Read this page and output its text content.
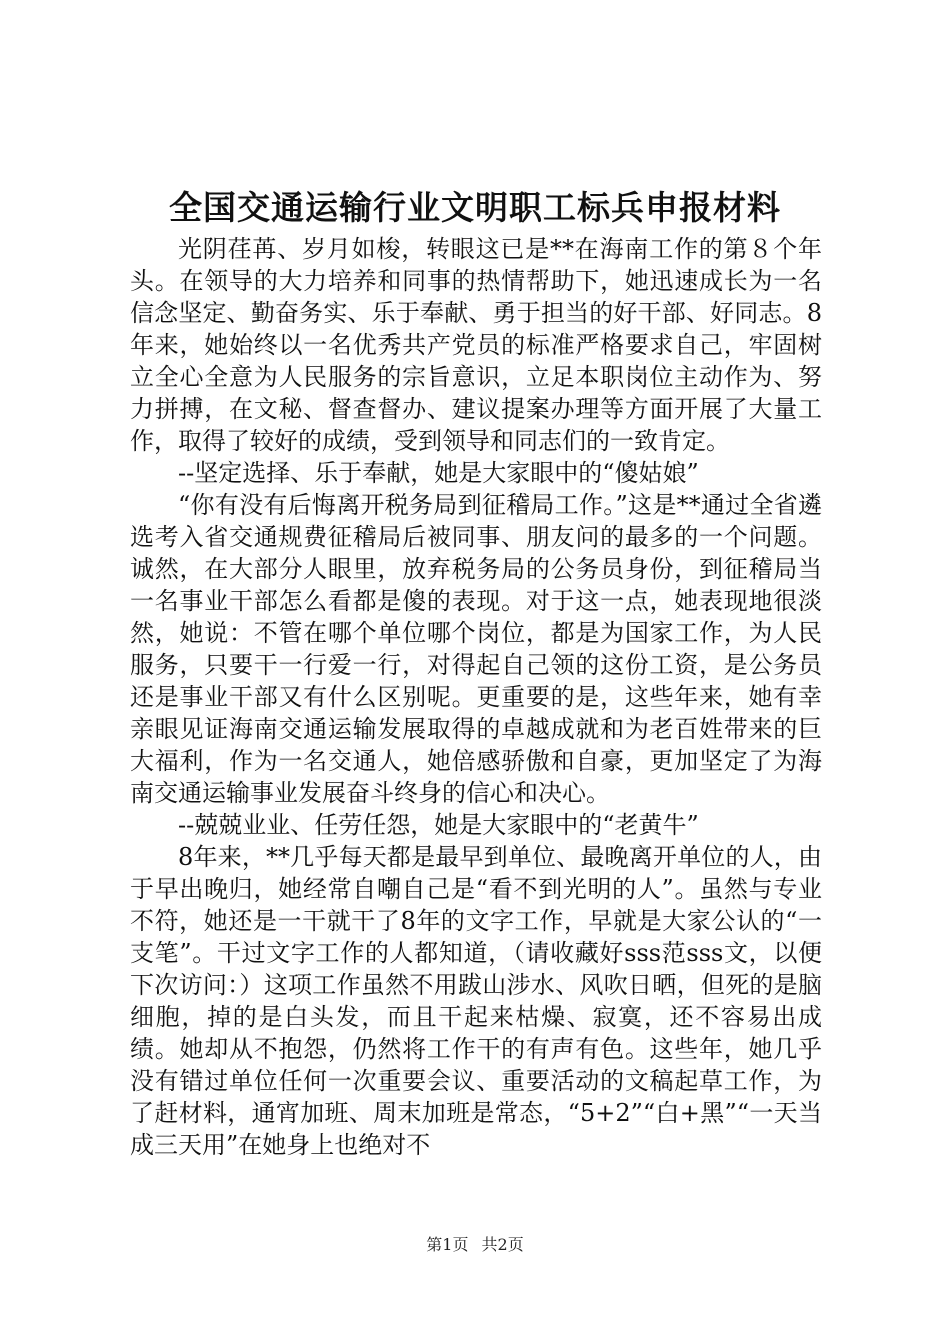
全国交通运输行业文明职工标兵申报材料

光阴荏苒、岁月如梭，转眼这已是**在海南工作的第８个年头。在领导的大力培养和同事的热情帮助下，她迅速成长为一名信念坚定、勤奋务实、乐于奉献、勇于担当的好干部、好同志。8年来，她始终以一名优秀共产党员的标准严格要求自己，牢固树立全心全意为人民服务的宗旨意识，立足本职岗位主动作为、努力拼搏，在文秘、督查督办、建议提案办理等方面开展了大量工作，取得了较好的成绩，受到领导和同志们的一致肯定。

--坚定选择、乐于奉献，她是大家眼中的“傻姑娘”

“你有没有后悔离开税务局到征稽局工作。”这是**通过全省遴选考入省交通规费征稽局后被同事、朋友问的最多的一个问题。诚然，在大部分人眼里，放弃税务局的公务员身份，到征稽局当一名事业干部怎么看都是傻的表现。对于这一点，她表现地很淡然，她说：不管在哪个单位哪个岗位，都是为国家工作，为人民服务，只要干一行爱一行，对得起自己领的这份工资，是公务员还是事业干部又有什么区别呢。更重要的是，这些年来，她有幸亲眼见证海南交通运输发展取得的卓越成就和为老百姓带来的巨大福利，作为一名交通人，她倍感骄傲和自豪，更加坚定了为海南交通运输事业发展奋斗终身的信心和决心。

--兢兢业业、任劳任怨，她是大家眼中的“老黄牛”

8年来，**几乎每天都是最早到单位、最晚离开单位的人，由于早出晚归，她经常自嘲自己是“看不到光明的人”。虽然与专业不符，她还是一干就干了8年的文字工作，早就是大家公认的“一支笔”。干过文字工作的人都知道，（请收藏好sss范sss文，以便下次访问：）这项工作虽然不用跋山涉水、风吹日晒，但死的是脑细胞，掉的是白头发，而且干起来枯燥、寂寞，还不容易出成绩。她却从不抱怨，仍然将工作干的有声有色。这些年，她几乎没有错过单位任何一次重要会议、重要活动的文稿起草工作，为了赶材料，通宵加班、周末加班是常态，“5+2”“白+黑”“一天当成三天用”在她身上也绝对不

第1页 共2页
